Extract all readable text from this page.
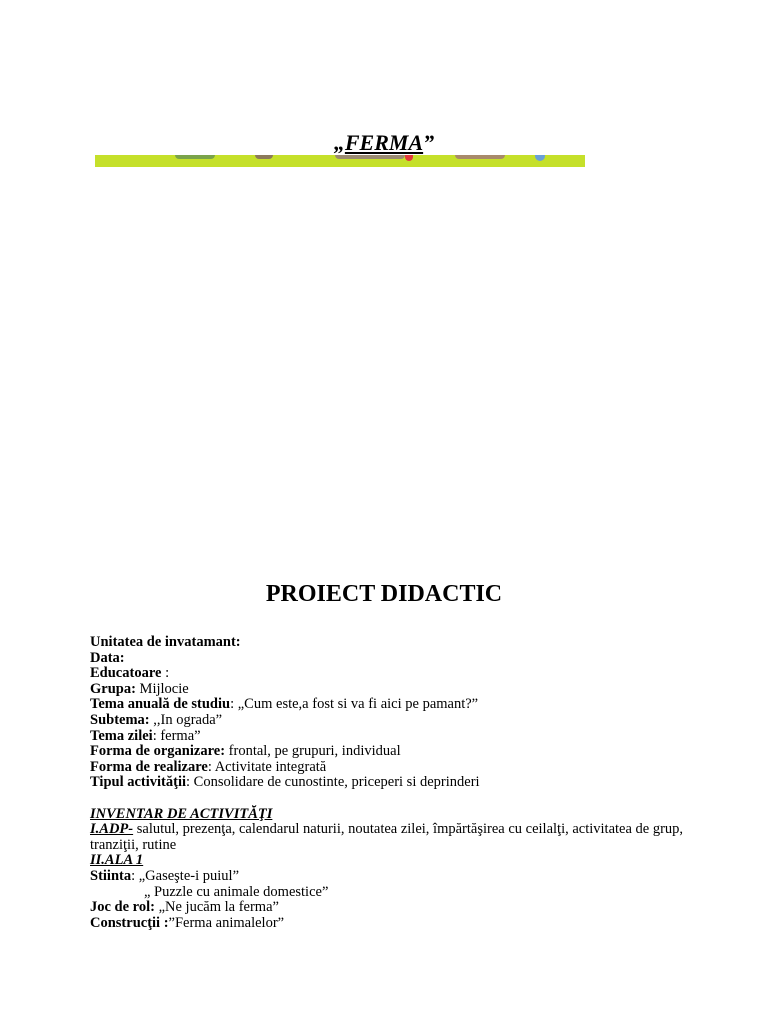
„FERMA”
PROIECT DIDACTIC
Unitatea de invatamant:
Data:
Educatoare :
Grupa: Mijlocie
Tema anuală de studiu: „Cum este,a fost si va fi aici pe pamant?”
Subtema: ,,In ograda”
Tema zilei: ferma”
Forma de organizare: frontal, pe grupuri, individual
Forma de realizare: Activitate integrată
Tipul activităţii: Consolidare de cunostinte, priceperi si deprinderi
INVENTAR DE ACTIVITĂŢI
I.ADP- salutul, prezenţa, calendarul naturii, noutatea zilei, împărtăşirea cu ceilalţi, activitatea de grup, tranziţii, rutine
II.ALA 1
Stiinta: „Gaseşte-i puiul”
„ Puzzle cu animale domestice”
Joc de rol: „Ne jucăm la ferma”
Construcţii :”Ferma animalelor”
